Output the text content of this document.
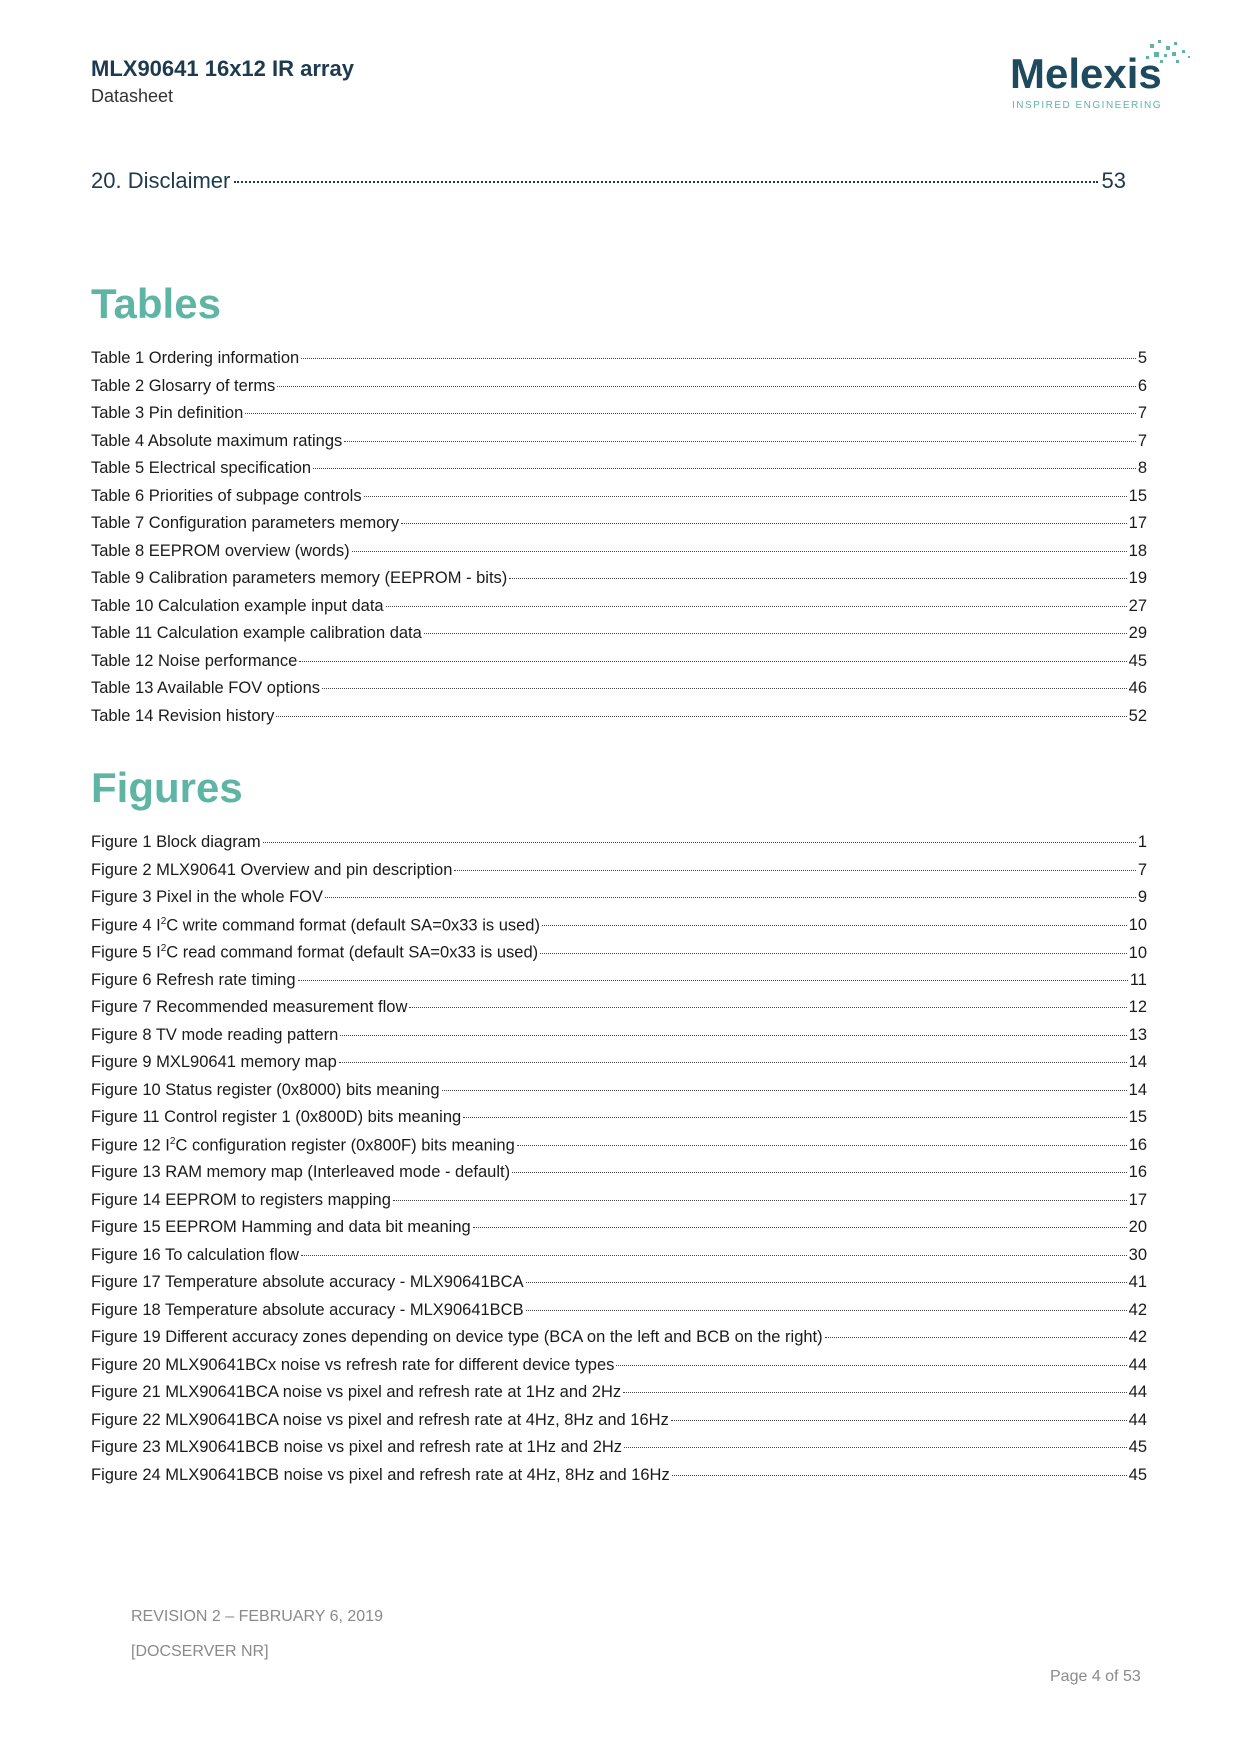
MLX90641 16x12 IR array
Datasheet	Melexis
INSPIRED ENGINEERING
20. Disclaimer	53
Tables
Table 1 Ordering information	5
Table 2 Glosarry of terms	6
Table 3 Pin definition	7
Table 4 Absolute maximum ratings	7
Table 5 Electrical specification	8
Table 6 Priorities of subpage controls	15
Table 7 Configuration parameters memory	17
Table 8 EEPROM overview (words)	18
Table 9 Calibration parameters memory (EEPROM - bits)	19
Table 10 Calculation example input data	27
Table 11 Calculation example calibration data	29
Table 12 Noise performance	45
Table 13 Available FOV options	46
Table 14 Revision history	52
Figures
Figure 1 Block diagram	1
Figure 2 MLX90641 Overview and pin description	7
Figure 3 Pixel in the whole FOV	9
Figure 4 $I^2C$ write command format (default SA=0x33 is used)	10
Figure 5 $I^2C$ read command format (default SA=0x33 is used)	10
Figure 6 Refresh rate timing	11
Figure 7 Recommended measurement flow	12
Figure 8 TV mode reading pattern	13
Figure 9 MXL90641 memory map	14
Figure 10 Status register (0x8000) bits meaning	14
Figure 11 Control register 1 (0x800D) bits meaning	15
Figure 12 $I^2C$ configuration register (0x800F) bits meaning	16
Figure 13 RAM memory map (Interleaved mode - default)	16
Figure 14 EEPROM to registers mapping	17
Figure 15 EEPROM Hamming and data bit meaning	20
Figure 16 To calculation flow	30
Figure 17 Temperature absolute accuracy - MLX90641BCA	41
Figure 18 Temperature absolute accuracy - MLX90641BCB	42
Figure 19 Different accuracy zones depending on device type (BCA on the left and BCB on the right)	42
Figure 20 MLX90641BCx noise vs refresh rate for different device types	44
Figure 21 MLX90641BCA noise vs pixel and refresh rate at 1Hz and 2Hz	44
Figure 22 MLX90641BCA noise vs pixel and refresh rate at 4Hz, 8Hz and 16Hz	44
Figure 23 MLX90641BCB noise vs pixel and refresh rate at 1Hz and 2Hz	45
Figure 24 MLX90641BCB noise vs pixel and refresh rate at 4Hz, 8Hz and 16Hz	45
REVISION 2 – FEBRUARY 6, 2019
[DOCSERVER NR]
Page 4 of 53
